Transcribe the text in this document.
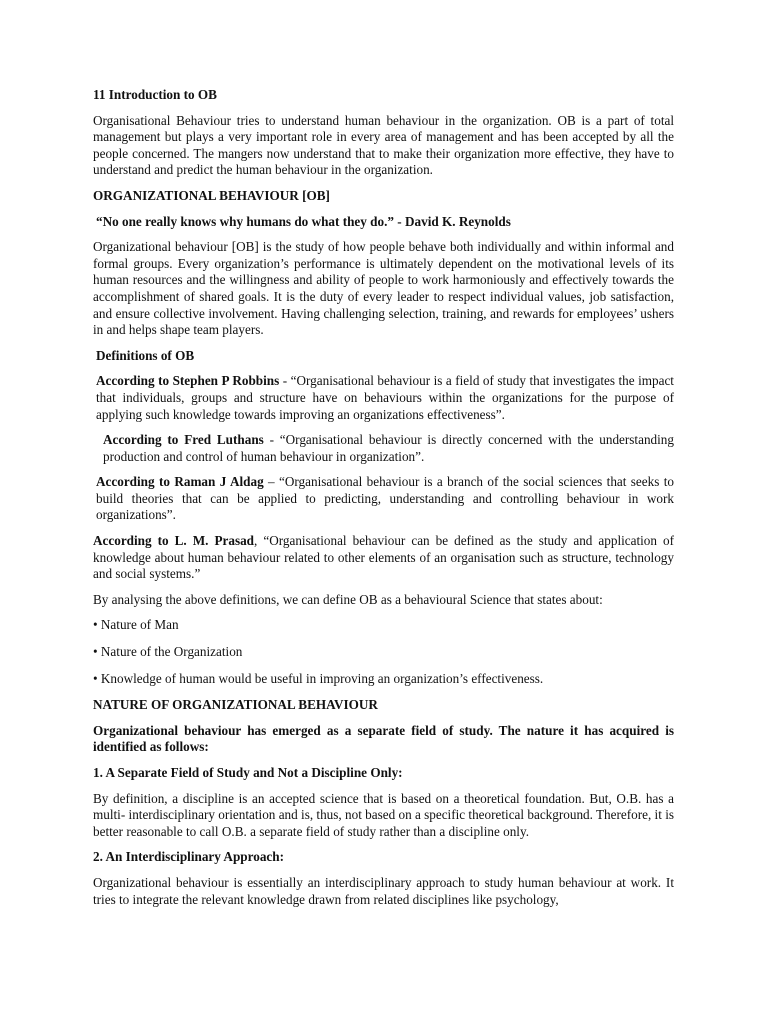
11 Introduction to OB

Organisational Behaviour tries to understand human behaviour in the organization. OB is a part of total management but plays a very important role in every area of management and has been accepted by all the people concerned. The mangers now understand that to make their organization more effective, they have to understand and predict the human behaviour in the organization.

ORGANIZATIONAL BEHAVIOUR [OB]

“No one really knows why humans do what they do.” - David K. Reynolds

Organizational behaviour [OB] is the study of how people behave both individually and within informal and formal groups. Every organization’s performance is ultimately dependent on the motivational levels of its human resources and the willingness and ability of people to work harmoniously and effectively towards the accomplishment of shared goals. It is the duty of every leader to respect individual values, job satisfaction, and ensure collective involvement. Having challenging selection, training, and rewards for employees’ ushers in and helps shape team players.

Definitions of OB

According to Stephen P Robbins - “Organisational behaviour is a field of study that investigates the impact that individuals, groups and structure have on behaviours within the organizations for the purpose of applying such knowledge towards improving an organizations effectiveness”.

According to Fred Luthans - “Organisational behaviour is directly concerned with the understanding production and control of human behaviour in organization”.

According to Raman J Aldag – “Organisational behaviour is a branch of the social sciences that seeks to build theories that can be applied to predicting, understanding and controlling behaviour in work organizations”.

According to L. M. Prasad, “Organisational behaviour can be defined as the study and application of knowledge about human behaviour related to other elements of an organisation such as structure, technology and social systems.”

By analysing the above definitions, we can define OB as a behavioural Science that states about:

• Nature of Man

• Nature of the Organization

• Knowledge of human would be useful in improving an organization’s effectiveness.

NATURE OF ORGANIZATIONAL BEHAVIOUR

Organizational behaviour has emerged as a separate field of study. The nature it has acquired is identified as follows:

1. A Separate Field of Study and Not a Discipline Only:

By definition, a discipline is an accepted science that is based on a theoretical foundation. But, O.B. has a multi- interdisciplinary orientation and is, thus, not based on a specific theoretical background. Therefore, it is better reasonable to call O.B. a separate field of study rather than a discipline only.

2. An Interdisciplinary Approach:

Organizational behaviour is essentially an interdisciplinary approach to study human behaviour at work. It tries to integrate the relevant knowledge drawn from related disciplines like psychology,
